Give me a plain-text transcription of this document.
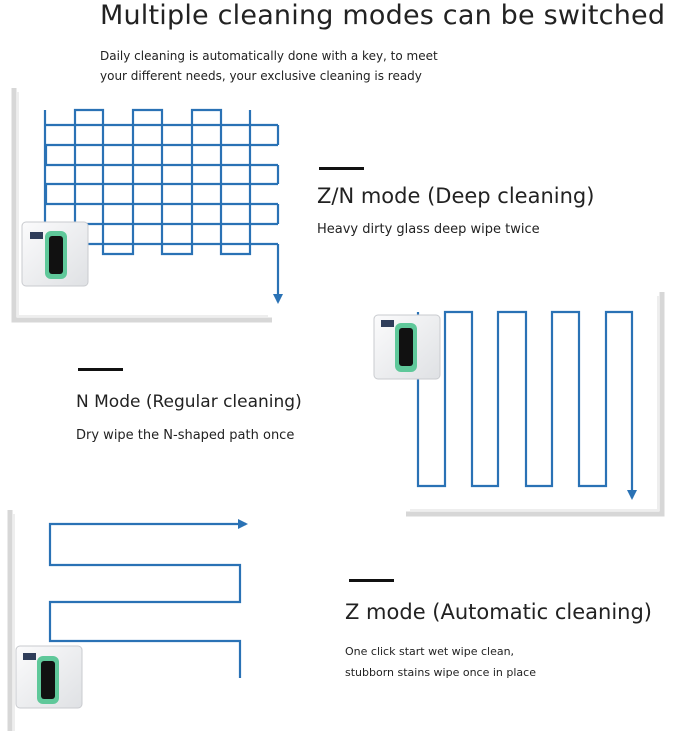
Multiple cleaning modes can be switched
Daily cleaning is automatically done with a key, to meet
your different needs, your exclusive cleaning is ready
Z/N mode (Deep cleaning)
Heavy dirty glass deep wipe twice
N Mode (Regular cleaning)
Dry wipe the N-shaped path once
Z mode (Automatic cleaning)
One click start wet wipe clean,
stubborn stains wipe once in place
